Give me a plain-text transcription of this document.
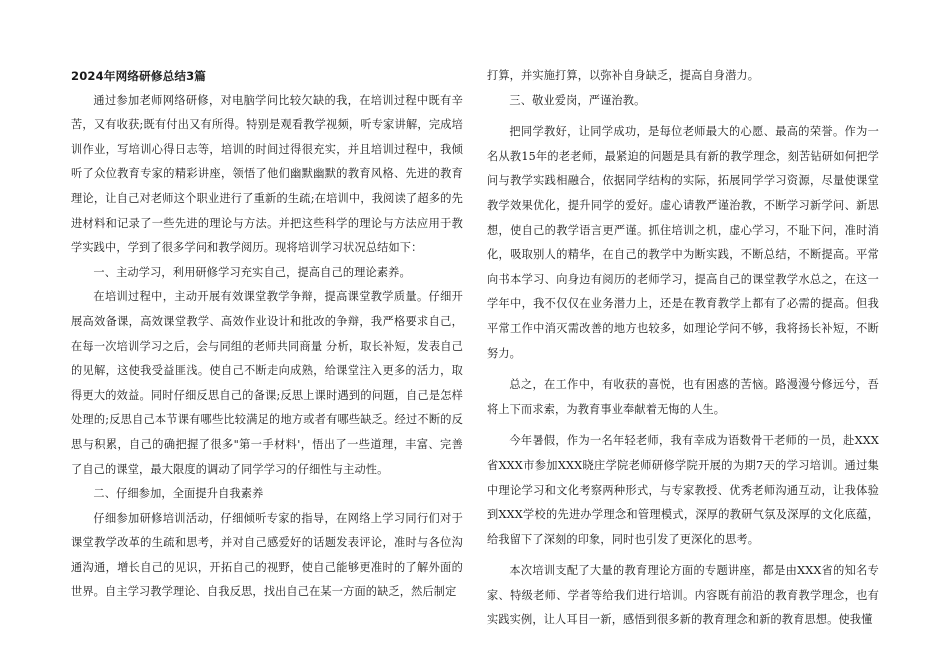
2024年网络研修总结3篇

通过参加老师网络研修，对电脑学问比较欠缺的我，在培训过程中既有辛苦，又有收获;既有付出又有所得。特别是观看教学视频，听专家讲解，完成培训作业，写培训心得日志等，培训的时间过得很充实，并且培训过程中，我倾听了众位教育专家的精彩讲座，领悟了他们幽默幽默的教育风格、先进的教育理论，让自己对老师这个职业进行了重新的生疏;在培训中，我阅读了超多的先进材料和记录了一些先进的理论与方法。并把这些科学的理论与方法应用于教学实践中，学到了很多学问和教学阅历。现将培训学习状况总结如下：

一、主动学习，利用研修学习充实自己，提高自己的理论素养。

在培训过程中，主动开展有效课堂教学争辩，提高课堂教学质量。仔细开展高效备课，高效课堂教学、高效作业设计和批改的争辩，我严格要求自己，在每一次培训学习之后，会与同组的老师共同商量 分析，取长补短，发表自己的见解，这使我受益匪浅。使自己不断走向成熟，给课堂注入更多的活力，取得更大的效益。同时仔细反思自己的备课;反思上课时遇到的问题，自己是怎样处理的;反思自己本节课有哪些比较满足的地方或者有哪些缺乏。经过不断的反思与积累，自己的确把握了很多"第一手材料'，悟出了一些道理，丰富、完善了自己的课堂，最大限度的调动了同学学习的仔细性与主动性。

二、仔细参加，全面提升自我素养

仔细参加研修培训活动，仔细倾听专家的指导，在网络上学习同行们对于课堂教学改革的生疏和思考，并对自己感爱好的话题发表评论，准时与各位沟通沟通，增长自己的见识，开拓自己的视野，使自己能够更准时的了解外面的世界。自主学习教学理论、自我反思，找出自己在某一方面的缺乏，然后制定

打算，并实施打算，以弥补自身缺乏，提高自身潜力。

三、敬业爱岗，严谨治教。

把同学教好，让同学成功，是每位老师最大的心愿、最高的荣誉。作为一名从教15年的老老师，最紧迫的问题是具有新的教学理念，刻苦钻研如何把学问与教学实践相融合，依据同学结构的实际，拓展同学学习资源，尽量使课堂教学效果优化，提升同学的爱好。虚心请教严谨治教，不断学习新学问、新思想，使自己的教学语言更严谨。抓住培训之机，虚心学习，不耻下问，准时消化，吸取别人的精华，在自己的教学中为断实践，不断总结，不断提高。平常向书本学习、向身边有阅历的老师学习，提高自己的课堂教学水总之，在这一学年中，我不仅仅在业务潜力上，还是在教育教学上都有了必需的提高。但我平常工作中消灭需改善的地方也较多，如理论学问不够，我将扬长补短，不断努力。

总之，在工作中，有收获的喜悦，也有困惑的苦恼。路漫漫兮修远兮，吾将上下而求索，为教育事业奉献着无悔的人生。

今年暑假，作为一名年轻老师，我有幸成为语数骨干老师的一员，赴XXX省XXX市参加XXX晓庄学院老师研修学院开展的为期7天的学习培训。通过集中理论学习和文化考察两种形式，与专家教授、优秀老师沟通互动，让我体验到XXX学校的先进办学理念和管理模式，深厚的教研气氛及深厚的文化底蕴，给我留下了深刻的印象，同时也引发了更深化的思考。

本次培训支配了大量的教育理论方面的专题讲座，都是由XXX省的知名专家、特级老师、学者等给我们进行培训。内容既有前沿的教育教学理念，也有实践实例，让人耳目一新，感悟到很多新的教育理念和新的教育思想。使我懂
